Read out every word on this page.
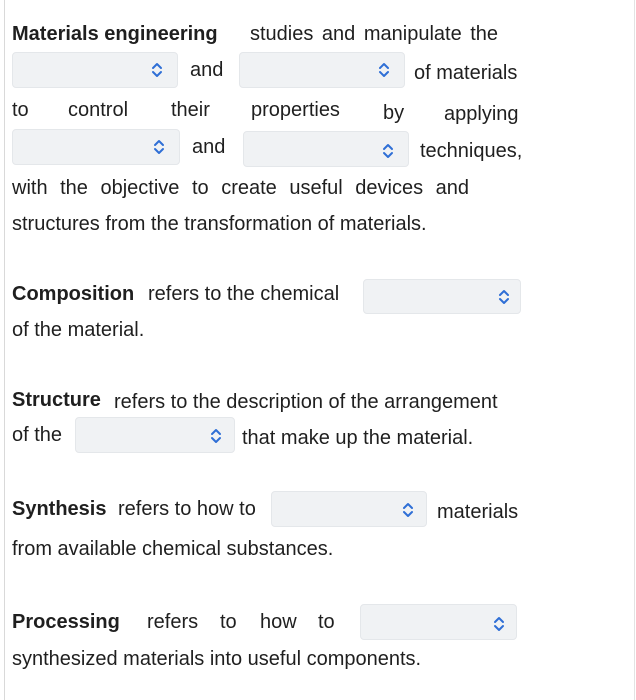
Materials engineering studies and manipulate the
and	of materials
to control their properties by applying
and	techniques,
with the objective to create useful devices and
structures from the transformation of materials.
Composition refers to the chemical
of the material.
Structure refers to the description of the arrangement
of the	that make up the material.
Synthesis refers to how to	materials
from available chemical substances.
Processing refers to how to
synthesized materials into useful components.
